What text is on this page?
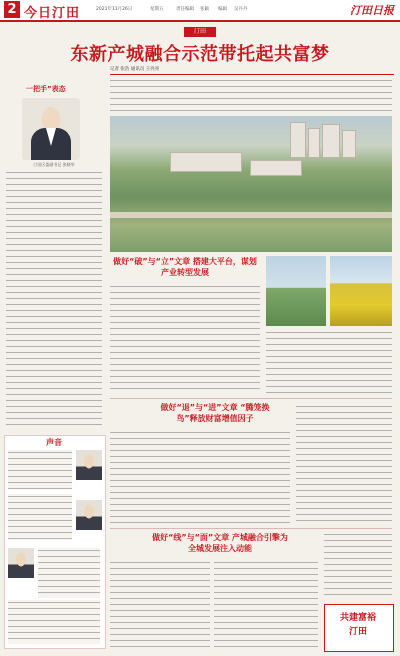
2 今日汀田	2021年11月26日	星期五	责任编辑 张颖 编辑 吴丹丹	汀田日报
汀田
东新产城融合示范带托起共富梦
记者 张浩 通讯员 王亮亮
一把手”表态
汀田区委副书记 张晓华
声音
做好“破”与“立”文章 搭建大平台，谋划产业转型发展
做好“退”与“进”文章 “腾笼换鸟”释放财富增值因子
做好“线”与“面”文章 产城融合引擎为全城发展注入动能
共建富裕
汀田
